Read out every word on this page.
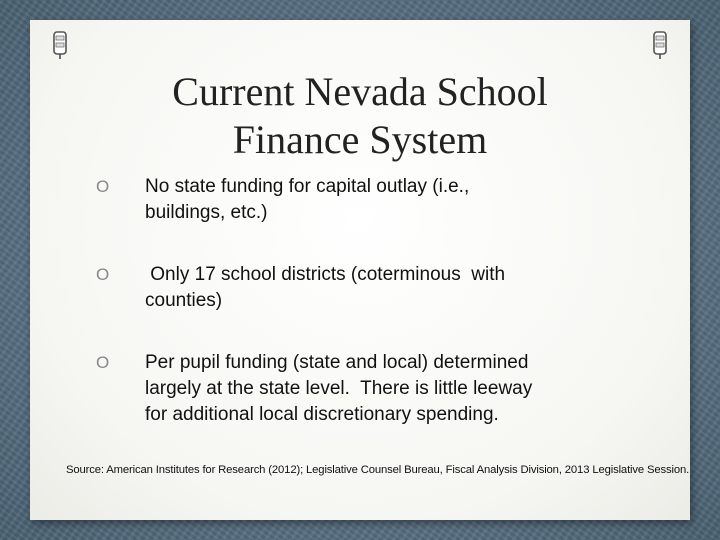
Current Nevada School
Finance System
O	No state funding for capital outlay (i.e.,
buildings, etc.)
O	Only 17 school districts (coterminous  with
counties)
O	Per pupil funding (state and local) determined
largely at the state level.  There is little leeway
for additional local discretionary spending.
Source: American Institutes for Research (2012); Legislative Counsel Bureau, Fiscal Analysis Division, 2013 Legislative Session.
